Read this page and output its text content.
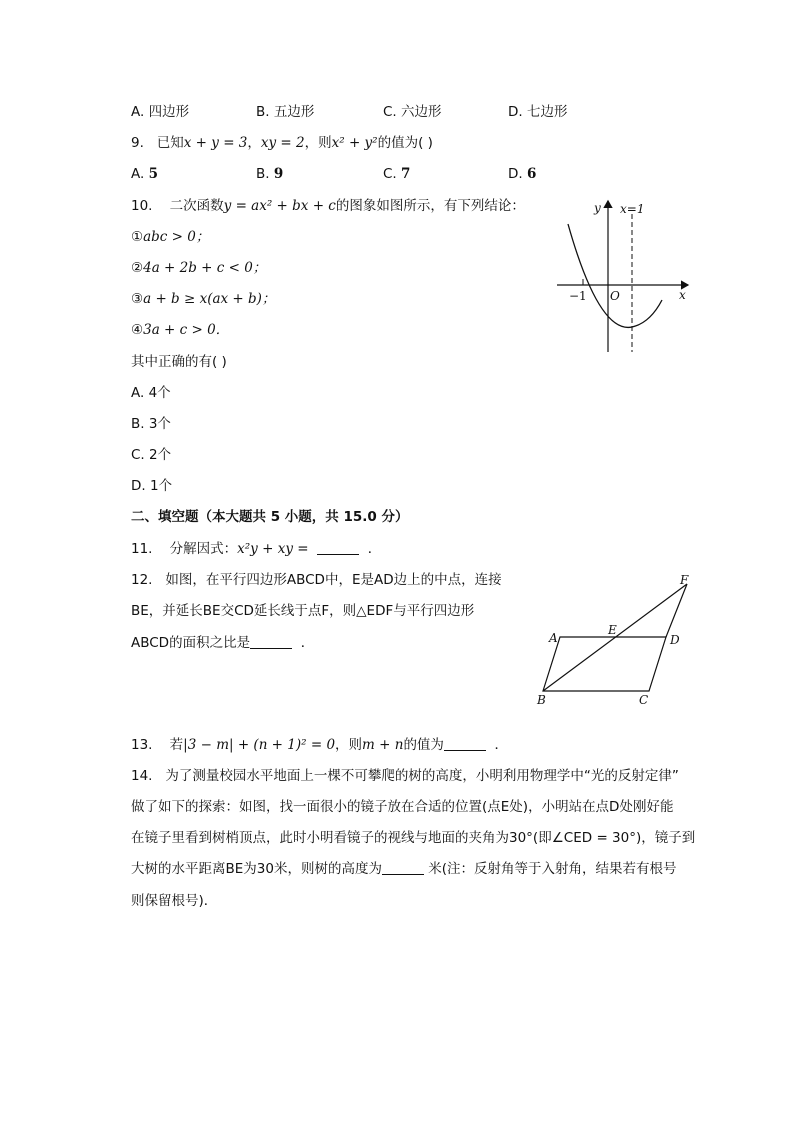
A. 四边形	B. 五边形	C. 六边形	D. 七边形
9. 已知x + y = 3，xy = 2，则x² + y²的值为( )
A. 5	B. 9	C. 7	D. 6
10. 二次函数y = ax² + bx + c的图象如图所示，有下列结论：
①abc > 0；
②4a + 2b + c < 0；
③a + b ≥ x(ax + b)；
④3a + c > 0．
其中正确的有( )
A. 4个
B. 3个
C. 2个
D. 1个
y x=1
x
−1 O
二、填空题（本大题共 5 小题，共 15.0 分）
11. 分解因式：x²y + xy =	．
12. 如图，在平行四边形ABCD中，E是AD边上的中点，连接
BE，并延长BE交CD延长线于点F，则△EDF与平行四边形
ABCD的面积之比是	．
F
A
E
D
B	C
13. 若|3 − m| + (n + 1)² = 0，则m + n的值为	．
14. 为了测量校园水平地面上一棵不可攀爬的树的高度，小明利用物理学中“光的反射定律”
做了如下的探索：如图，找一面很小的镜子放在合适的位置(点E处)，小明站在点D处刚好能
在镜子里看到树梢顶点，此时小明看镜子的视线与地面的夹角为30°(即∠CED = 30°)，镜子到
大树的水平距离BE为30米，则树的高度为	米(注：反射角等于入射角，结果若有根号
则保留根号)．
